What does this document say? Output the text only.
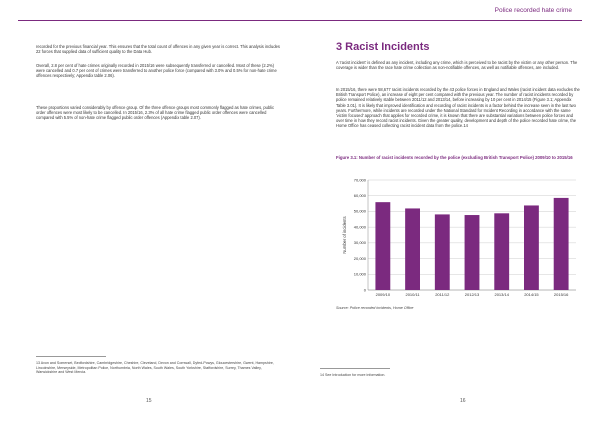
Police recorded hate crime

recorded for the previous financial year. This ensures that the total count of offences in any given year is correct. This analysis includes 22 forces that supplied data of sufficient quality to the Data Hub.

Overall, 2.8 per cent of hate crimes originally recorded in 2015/16 were subsequently transferred or cancelled. Most of these (2.2%) were cancelled and 0.7 per cent of crimes were transferred to another police force (compared with 3.0% and 0.5% for non-hate crime offences respectively; Appendix table 2.06).

These proportions varied considerably by offence group. Of the three offence groups most commonly flagged as hate crimes, public order offences were most likely to be cancelled. In 2015/16, 2.3% of all hate crime flagged public order offences were cancelled compared with 5.5% of non-hate crime flagged public order offences (Appendix table 2.07).

13 Avon and Somerset, Bedfordshire, Cambridgeshire, Cheshire, Cleveland, Devon and Cornwall, Dyfed-Powys, Gloucestershire, Gwent, Hampshire, Lincolnshire, Merseyside, Metropolitan Police, Northumbria, North Wales, South Wales, South Yorkshire, Staffordshire, Surrey, Thames Valley, Warwickshire and West Mercia.

15
3 Racist Incidents

A 'racist incident' is defined as any incident, including any crime, which is perceived to be racist by the victim or any other person. The coverage is wider than the race hate crime collection as non-notifiable offences, as well as notifiable offences, are included.

In 2015/16, there were 58,677 racist incidents recorded by the 43 police forces in England and Wales (racist incident data excludes the British Transport Police), an increase of eight per cent compared with the previous year. The number of racist incidents recorded by police remained relatively stable between 2011/12 and 2013/14, before increasing by 10 per cent in 2014/15 (Figure 3.1; Appendix Table 3.01). It is likely that improved identification and recording of racist incidents is a factor behind the increase seen in the last two years. Furthermore, while incidents are recorded under the National Standard for Incident Recording in accordance with the same 'victim focused' approach that applies for recorded crime, it is known that there are substantial variations between police forces and over time in how they record racist incidents. Given the greater quality, development and depth of the police recorded hate crime, the Home Office has ceased collecting racist incident data from the police.14

Figure 3.1: Number of racist incidents recorded by the police (excluding British Transport Police) 2009/10 to 2015/16

0
10,000
20,000
30,000
40,000
50,000
60,000
70,000
2009/10	2010/11	2011/12	2012/13	2013/14	2014/15	2015/16
Number of incidents
Source: Police recorded incidents, Home Office

14 See Introduction for more information.

16
